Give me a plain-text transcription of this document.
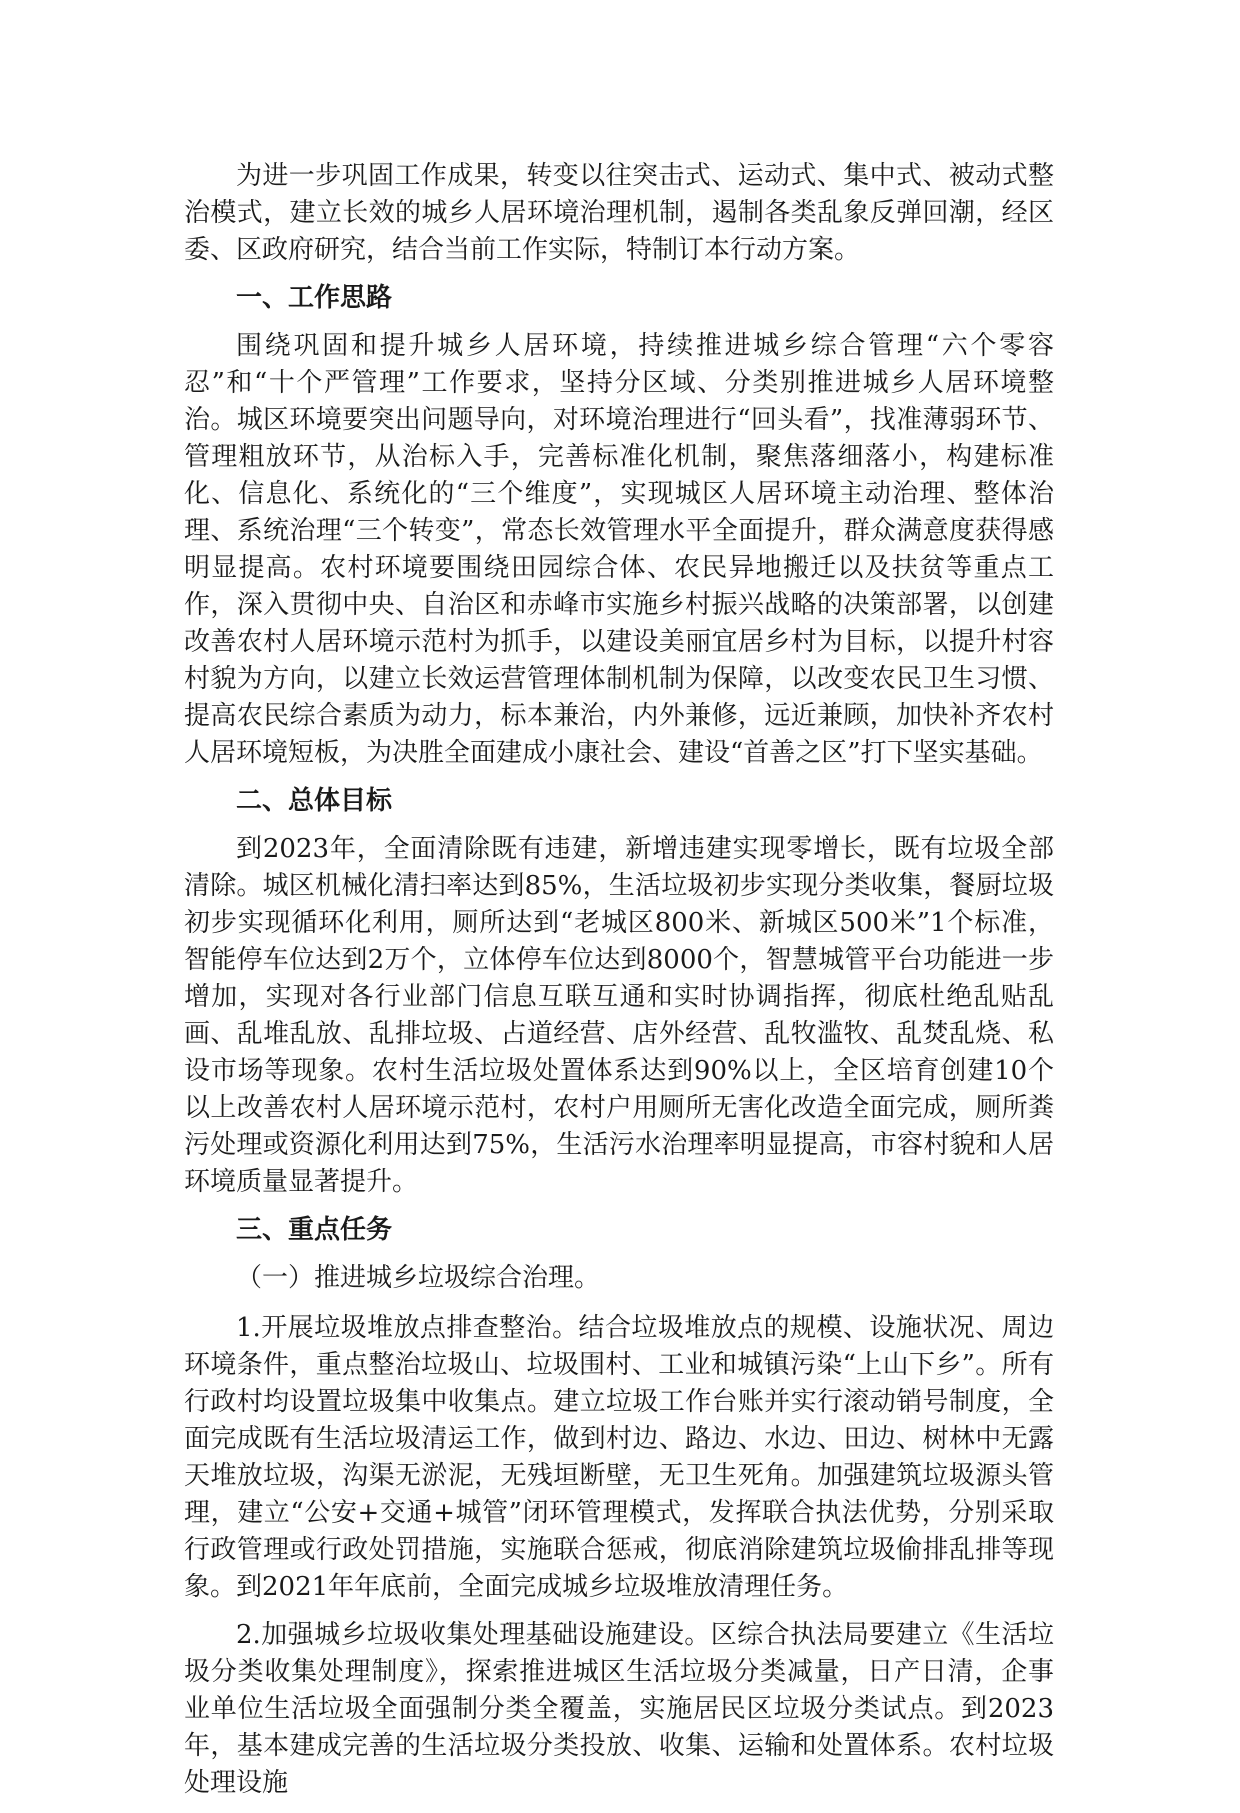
为进一步巩固工作成果，转变以往突击式、运动式、集中式、被动式整治模式，建立长效的城乡人居环境治理机制，遏制各类乱象反弹回潮，经区委、区政府研究，结合当前工作实际，特制订本行动方案。

一、工作思路

围绕巩固和提升城乡人居环境，持续推进城乡综合管理“六个零容忍”和“十个严管理”工作要求，坚持分区域、分类别推进城乡人居环境整治。城区环境要突出问题导向，对环境治理进行“回头看”，找准薄弱环节、管理粗放环节，从治标入手，完善标准化机制，聚焦落细落小，构建标准化、信息化、系统化的“三个维度”，实现城区人居环境主动治理、整体治理、系统治理“三个转变”，常态长效管理水平全面提升，群众满意度获得感明显提高。农村环境要围绕田园综合体、农民异地搬迁以及扶贫等重点工作，深入贯彻中央、自治区和赤峰市实施乡村振兴战略的决策部署，以创建改善农村人居环境示范村为抓手，以建设美丽宜居乡村为目标，以提升村容村貌为方向，以建立长效运营管理体制机制为保障，以改变农民卫生习惯、提高农民综合素质为动力，标本兼治，内外兼修，远近兼顾，加快补齐农村人居环境短板，为决胜全面建成小康社会、建设“首善之区”打下坚实基础。

二、总体目标

到2023年，全面清除既有违建，新增违建实现零增长，既有垃圾全部清除。城区机械化清扫率达到85%，生活垃圾初步实现分类收集，餐厨垃圾初步实现循环化利用，厕所达到“老城区800米、新城区500米”1个标准，智能停车位达到2万个，立体停车位达到8000个，智慧城管平台功能进一步增加，实现对各行业部门信息互联互通和实时协调指挥，彻底杜绝乱贴乱画、乱堆乱放、乱排垃圾、占道经营、店外经营、乱牧滥牧、乱焚乱烧、私设市场等现象。农村生活垃圾处置体系达到90%以上，全区培育创建10个以上改善农村人居环境示范村，农村户用厕所无害化改造全面完成，厕所粪污处理或资源化利用达到75%，生活污水治理率明显提高，市容村貌和人居环境质量显著提升。

三、重点任务

（一）推进城乡垃圾综合治理。

1.开展垃圾堆放点排查整治。结合垃圾堆放点的规模、设施状况、周边环境条件，重点整治垃圾山、垃圾围村、工业和城镇污染“上山下乡”。所有行政村均设置垃圾集中收集点。建立垃圾工作台账并实行滚动销号制度，全面完成既有生活垃圾清运工作，做到村边、路边、水边、田边、树林中无露天堆放垃圾，沟渠无淤泥，无残垣断壁，无卫生死角。加强建筑垃圾源头管理，建立“公安+交通+城管”闭环管理模式，发挥联合执法优势，分别采取行政管理或行政处罚措施，实施联合惩戒，彻底消除建筑垃圾偷排乱排等现象。到2021年年底前，全面完成城乡垃圾堆放清理任务。

2.加强城乡垃圾收集处理基础设施建设。区综合执法局要建立《生活垃圾分类收集处理制度》，探索推进城区生活垃圾分类减量，日产日清，企事业单位生活垃圾全面强制分类全覆盖，实施居民区垃圾分类试点。到2023年，基本建成完善的生活垃圾分类投放、收集、运输和处置体系。农村垃圾处理设施
